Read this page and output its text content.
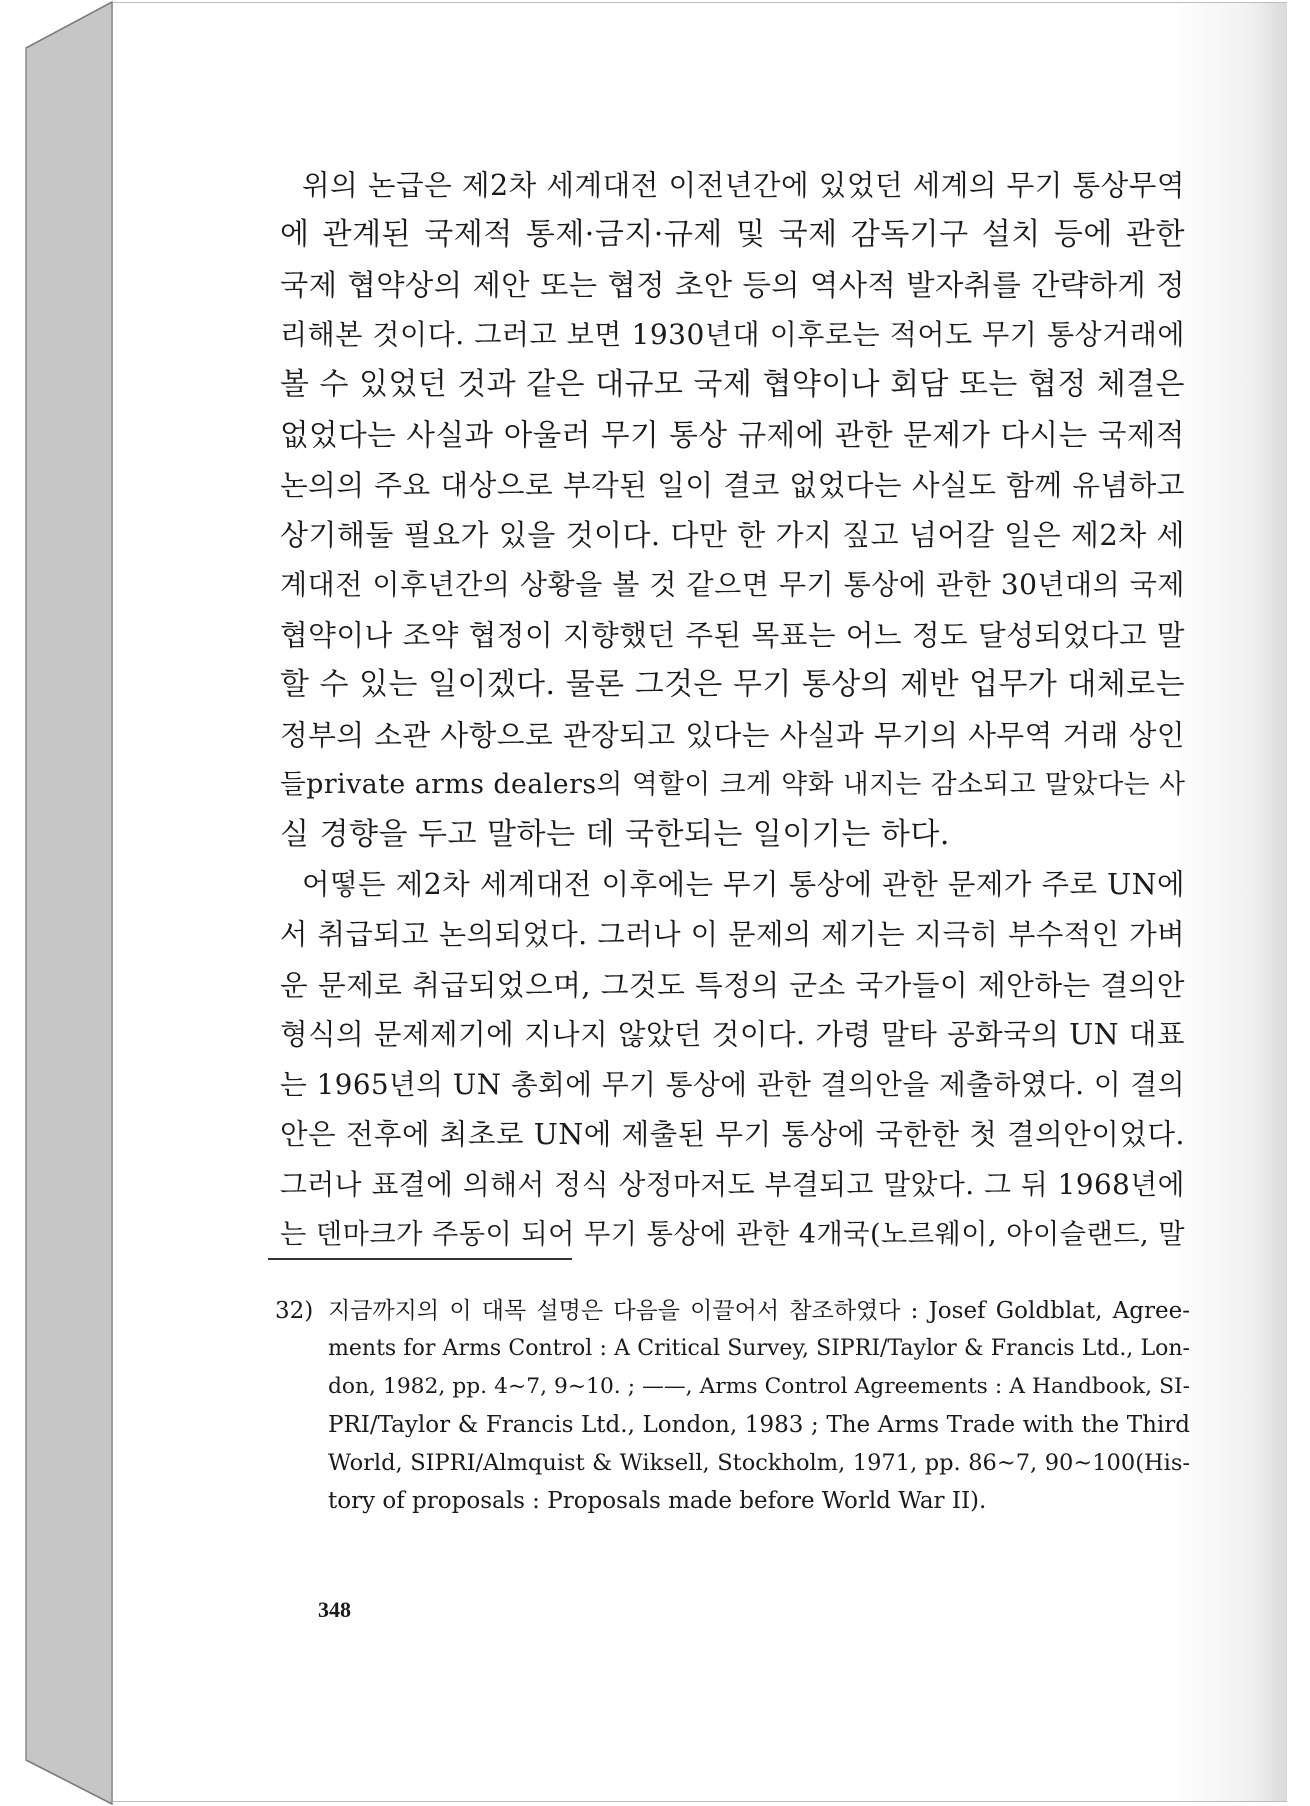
위의 논급은 제2차 세계대전 이전년간에 있었던 세계의 무기 통상무역
에 관계된 국제적 통제·금지·규제 및 국제 감독기구 설치 등에 관한
국제 협약상의 제안 또는 협정 초안 등의 역사적 발자취를 간략하게 정
리해본 것이다. 그러고 보면 1930년대 이후로는 적어도 무기 통상거래에
볼 수 있었던 것과 같은 대규모 국제 협약이나 회담 또는 협정 체결은
없었다는 사실과 아울러 무기 통상 규제에 관한 문제가 다시는 국제적
논의의 주요 대상으로 부각된 일이 결코 없었다는 사실도 함께 유념하고
상기해둘 필요가 있을 것이다. 다만 한 가지 짚고 넘어갈 일은 제2차 세
계대전 이후년간의 상황을 볼 것 같으면 무기 통상에 관한 30년대의 국제
협약이나 조약 협정이 지향했던 주된 목표는 어느 정도 달성되었다고 말
할 수 있는 일이겠다. 물론 그것은 무기 통상의 제반 업무가 대체로는
정부의 소관 사항으로 관장되고 있다는 사실과 무기의 사무역 거래 상인
들private arms dealers의 역할이 크게 약화 내지는 감소되고 말았다는 사
실 경향을 두고 말하는 데 국한되는 일이기는 하다.
어떻든 제2차 세계대전 이후에는 무기 통상에 관한 문제가 주로 UN에
서 취급되고 논의되었다. 그러나 이 문제의 제기는 지극히 부수적인 가벼
운 문제로 취급되었으며, 그것도 특정의 군소 국가들이 제안하는 결의안
형식의 문제제기에 지나지 않았던 것이다. 가령 말타 공화국의 UN 대표
는 1965년의 UN 총회에 무기 통상에 관한 결의안을 제출하였다. 이 결의
안은 전후에 최초로 UN에 제출된 무기 통상에 국한한 첫 결의안이었다.
그러나 표결에 의해서 정식 상정마저도 부결되고 말았다. 그 뒤 1968년에
는 덴마크가 주동이 되어 무기 통상에 관한 4개국(노르웨이, 아이슬랜드, 말
32) 지금까지의 이 대목 설명은 다음을 이끌어서 참조하였다 : Josef Goldblat, Agree-
ments for Arms Control : A Critical Survey, SIPRI/Taylor & Francis Ltd., Lon-
don, 1982, pp. 4~7, 9~10. ; ——, Arms Control Agreements : A Handbook, SI-
PRI/Taylor & Francis Ltd., London, 1983 ; The Arms Trade with the Third
World, SIPRI/Almquist & Wiksell, Stockholm, 1971, pp. 86~7, 90~100(His-
tory of proposals : Proposals made before World War II).
348
